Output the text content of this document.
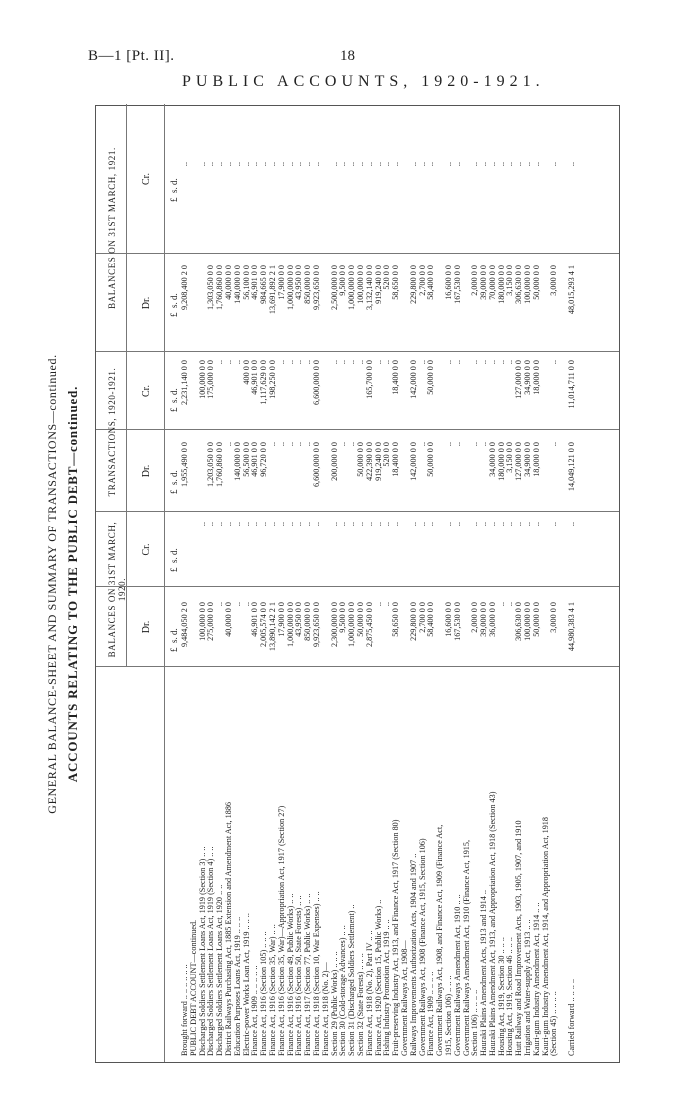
B—1 [Pt. II].	18
PUBLIC ACCOUNTS, 1920-1921.
GENERAL BALANCE-SHEET AND SUMMARY OF TRANSACTIONS—continued. ACCOUNTS RELATING TO THE PUBLIC DEBT—continued.	BALANCES ON 31ST MARCH, 1920.
TRANSACTIONS, 1920-1921.
BALANCES ON 31ST MARCH, 1921.
Dr.
Cr.
Dr.
Cr.
Dr.
Cr.
£  s. d.
£  s. d.
£  s. d.
£  s. d.
£  s. d.
£  s. d.
Brought forward .. .. .. .. .. ..
9,484,050 2 0
1,955,490 0 0
2,231,140 0 0
9,208,400 2 0
..
PUBLIC DEBT ACCOUNT—continued. Discharged Soldiers Settlement Loans Act, 1919 (Section 3) .. ..
100,000 0 0
..
100,000 0 0
..
Discharged Soldiers Settlement Loans Act, 1919 (Section 4) .. ..
275,000 0 0
..
1,203,050 0 0
175,000 0 0
1,303,050 0 0
..
Discharged Soldiers Settlement Loans Act, 1920 .. ..
..
..
1,760,860 0 0
..
1,760,860 0 0
..
District Railways Purchasing Act, 1885 Extension and Amendment Act, 1886
40,000 0 0
..
..
..
40,000 0 0
..
Education Purposes Loans Act, 1919 .. .. ..
..
..
140,000 0 0
..
140,000 0 0
..
Electric-power Works Loan Act, 1919 .. .. ..
..
..
56,500 0 0
400 0 0
56,100 0 0
..
Finance Act, 1909 .. .. .. .. ..
46,901 0 0
..
46,901 0 0
46,901 0 0
46,901 0 0
..
Finance Act, 1916 (Section 105) .. .. ..
2,005,574 0 0
..
96,720 0 0
1,117,629 0 0
984,665 0 0
..
Finance Act, 1916 (Section 35, War) .. ..
13,890,142 2 1
..
..
198,250 0 0
13,691,892 2 1
..
Finance Act, 1916 (Section 35, War)—Appropriation Act, 1917 (Section 27)
17,900 0 0
..
..
..
17,900 0 0
..
Finance Act, 1916 (Section 49, Public Works) .. ..
1,000,000 0 0
..
..
..
1,000,000 0 0
..
Finance Act, 1916 (Section 50, State Forests) .. ..
43,950 0 0
..
..
..
43,950 0 0
..
Finance Act, 1917 (Section 77, Public Works) .. ..
850,000 0 0
..
..
..
850,000 0 0
..
Finance Act, 1918 (Section 10, War Expenses) .. ..
9,923,650 0 0
..
6,600,000 0 0
6,600,000 0 0
9,923,650 0 0
..
Finance Act, 1918 (No. 2)— Section 29 (Public Works) .. .. ..
2,300,000 0 0
..
200,000 0 0
..
2,500,000 0 0
..
Section 30 (Cold-storage Advances) .. ..
9,500 0 0
..
..
..
9,500 0 0
..
Section 31 (Discharged Soldiers Settlement) ..
1,000,000 0 0
..
..
..
1,000,000 0 0
..
Section 32 (State Forests) .. .. ..
50,000 0 0
..
50,000 0 0
..
100,000 0 0
..
Finance Act, 1918 (No. 2), Part IV .. ..
2,875,450 0 0
..
422,390 0 0
165,700 0 0
3,132,140 0 0
..
Finance Act, 1920 (Section 15, Public Works) ..
..
..
919,240 0 0
..
919,240 0 0
..
Fishing Industry Promotion Act, 1919 .. ..
..
..
520 0 0
..
520 0 0
..
Fruit-preserving Industry Act, 1913, and Finance Act, 1917 (Section 80)
58,650 0 0
..
18,400 0 0
18,400 0 0
58,650 0 0
..
Government Railways Act, 1908— Railways Improvements Authorization Acts, 1904 and 1907 ..
229,800 0 0
..
142,000 0 0
142,000 0 0
229,800 0 0
..
Government Railways Act, 1908 (Finance Act, 1915, Section 106)
2,700 0 0
..
..
..
2,700 0 0
..
Finance Act, 1909 .. .. .. ..
58,400 0 0
..
50,000 0 0
50,000 0 0
58,400 0 0
..
Government Railways Act, 1908, and Finance Act, 1909 (Finance Act, 1915, Section 106) .. .. ..
16,600 0 0
..
..
..
16,600 0 0
..
Government Railways Amendment Act, 1910 .. ..
167,530 0 0
..
..
..
167,530 0 0
..
Government Railways Amendment Act, 1910 (Finance Act, 1915, Section 106) .. .. .. ..
2,000 0 0
..
..
..
2,000 0 0
..
Hauraki Plains Amendment Acts, 1913 and 1914 ..
39,000 0 0
..
..
..
39,000 0 0
..
Hauraki Plains Amendment Act, 1913, and Appropriation Act, 1918 (Section 43)
36,000 0 0
..
34,000 0 0
..
70,000 0 0
..
Housing Act, 1919, Section 30 .. .. ..
..
..
180,000 0 0
..
180,000 0 0
..
Housing Act, 1919, Section 46 .. .. ..
..
..
3,150 0 0
..
3,150 0 0
..
Hutt Railway and Road Improvement Acts, 1903, 1905, 1907, and 1910
306,630 0 0
..
127,000 0 0
127,000 0 0
306,630 0 0
..
Irrigation and Water-supply Act, 1913 .. ..
100,000 0 0
..
34,900 0 0
34,900 0 0
100,000 0 0
..
Kauri-gum Industry Amendment Act, 1914 .. ..
50,000 0 0
..
18,000 0 0
18,000 0 0
50,000 0 0
..
Kauri-gum Industry Amendment Act, 1914, and Appropriation Act, 1918 (Section 45) .. .. .. ..
3,000 0 0
..
..
..
3,000 0 0
..
Carried forward .. .. .. ..
44,980,383 4 1
..
14,049,121 0 0
11,014,711 0 0
48,015,293 4 1
..
